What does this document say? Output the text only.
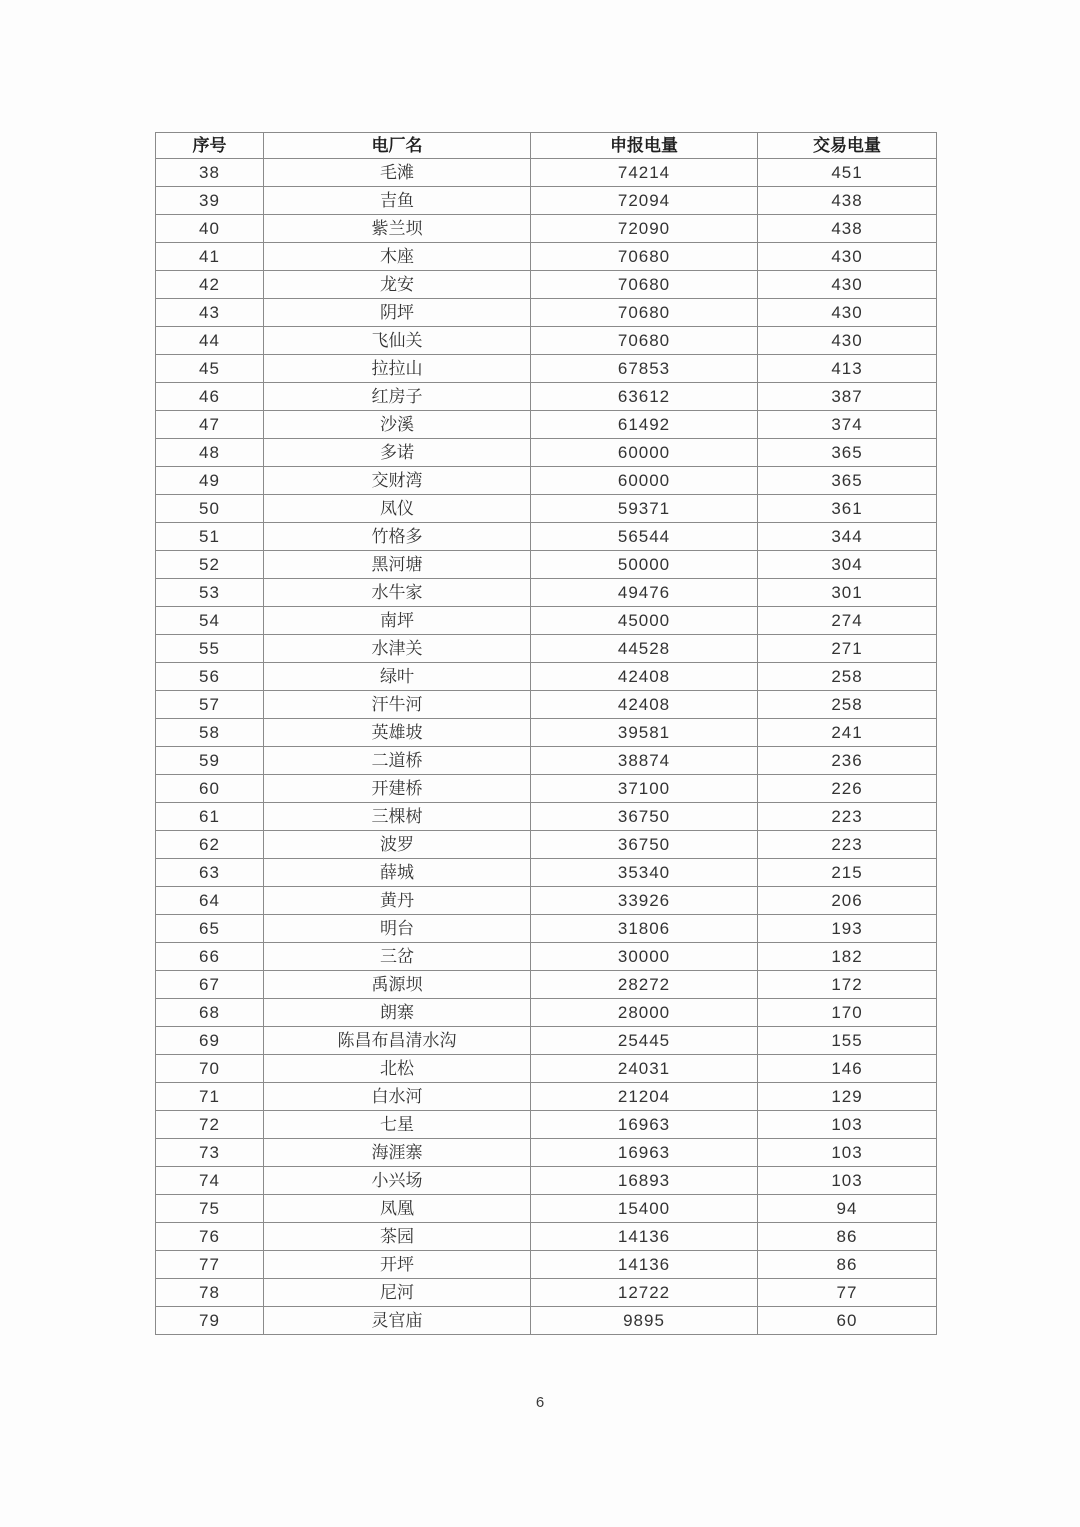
序号	电厂名	申报电量	交易电量
38	毛滩	74214	451
39	吉鱼	72094	438
40	紫兰坝	72090	438
41	木座	70680	430
42	龙安	70680	430
43	阴坪	70680	430
44	飞仙关	70680	430
45	拉拉山	67853	413
46	红房子	63612	387
47	沙溪	61492	374
48	多诺	60000	365
49	交财湾	60000	365
50	凤仪	59371	361
51	竹格多	56544	344
52	黑河塘	50000	304
53	水牛家	49476	301
54	南坪	45000	274
55	水津关	44528	271
56	绿叶	42408	258
57	汗牛河	42408	258
58	英雄坡	39581	241
59	二道桥	38874	236
60	开建桥	37100	226
61	三棵树	36750	223
62	波罗	36750	223
63	薛城	35340	215
64	黄丹	33926	206
65	明台	31806	193
66	三岔	30000	182
67	禹源坝	28272	172
68	朗寨	28000	170
69	陈昌布昌清水沟	25445	155
70	北松	24031	146
71	白水河	21204	129
72	七星	16963	103
73	海涯寨	16963	103
74	小兴场	16893	103
75	凤凰	15400	94
76	茶园	14136	86
77	开坪	14136	86
78	尼河	12722	77
79	灵官庙	9895	60
6
